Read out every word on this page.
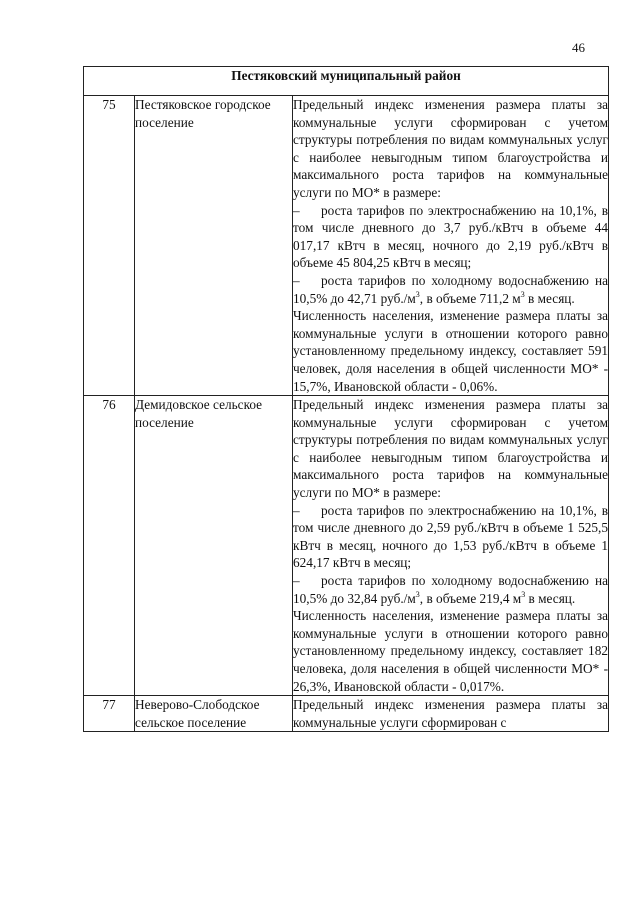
46
Пестяковский муниципальный район		
75	Пестяковское городское поселение	Предельный индекс изменения размера платы за коммунальные услуги сформирован с учетом структуры потребления по видам коммунальных услуг с наиболее невыгодным типом благоустройства и максимального роста тарифов на коммунальные услуги по МО* в размере:

– роста тарифов по электроснабжению на 10,1%, в том числе дневного до 3,7 руб./кВтч в объеме 44 017,17 кВтч в месяц, ночного до 2,19 руб./кВтч в объеме 45 804,25 кВтч в месяц;

– роста тарифов по холодному водоснабжению на 10,5% до 42,71 $руб./м^3$, в объеме 711,2 $м^3$ в месяц.

Численность населения, изменение размера платы за коммунальные услуги в отношении которого равно установленному предельному индексу, составляет 591 человек, доля населения в общей численности МО* - 15,7%, Ивановской области - 0,06%.

76	Демидовское сельское поселение	Предельный индекс изменения размера платы за коммунальные услуги сформирован с учетом структуры потребления по видам коммунальных услуг с наиболее невыгодным типом благоустройства и максимального роста тарифов на коммунальные услуги по МО* в размере:

– роста тарифов по электроснабжению на 10,1%, в том числе дневного до 2,59 руб./кВтч в объеме 1 525,5 кВтч в месяц, ночного до 1,53 руб./кВтч в объеме 1 624,17 кВтч в месяц;

– роста тарифов по холодному водоснабжению на 10,5% до 32,84 $руб./м^3$, в объеме 219,4 $м^3$ в месяц.

Численность населения, изменение размера платы за коммунальные услуги в отношении которого равно установленному предельному индексу, составляет 182 человека, доля населения в общей численности МО* - 26,3%, Ивановской области - 0,017%.

77	Неверово-Слободское сельское поселение	Предельный индекс изменения размера платы за коммунальные услуги сформирован с
